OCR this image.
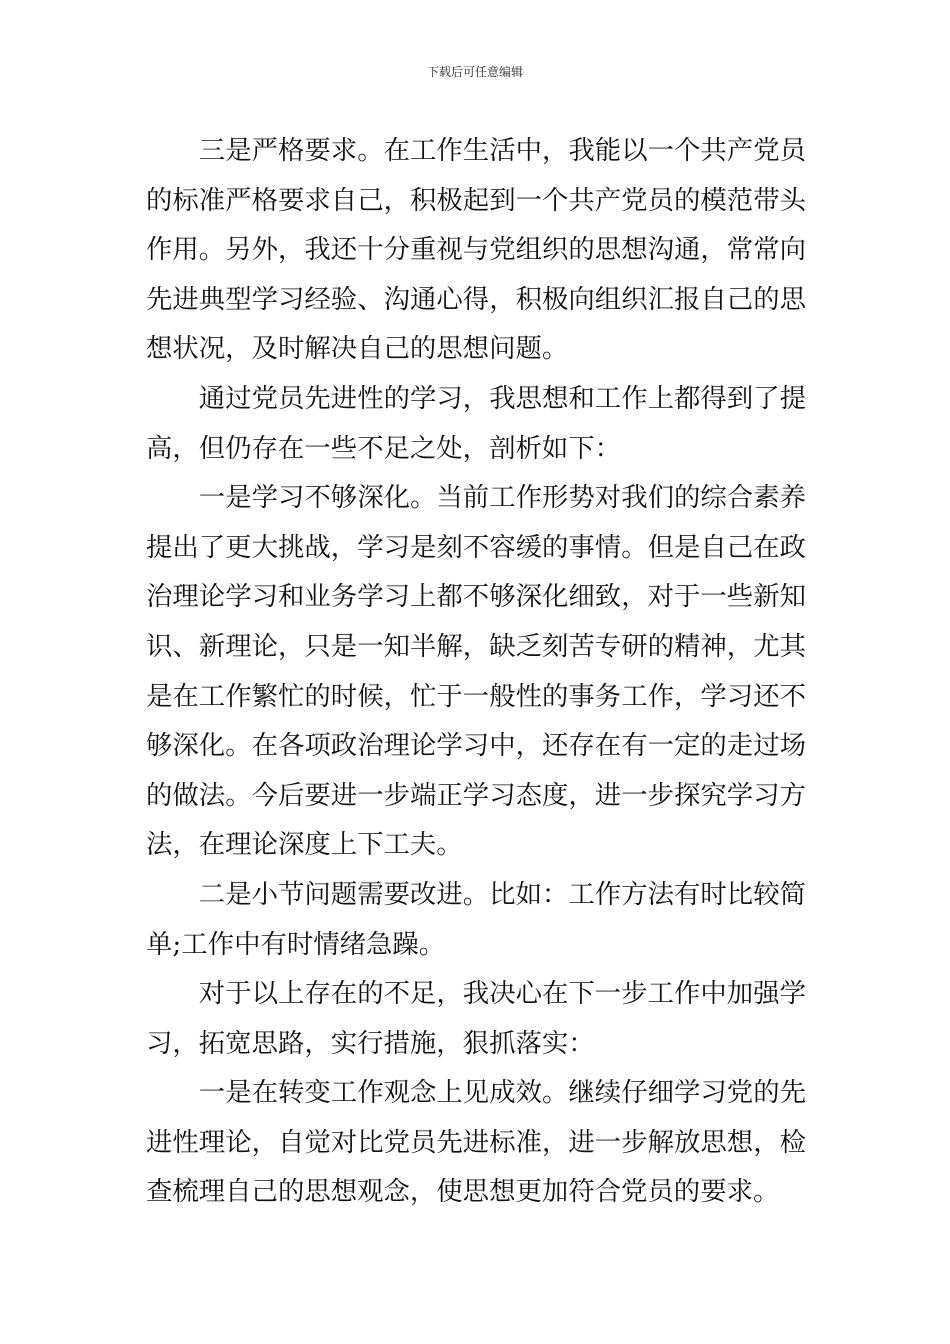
下载后可任意编辑

三是严格要求。在工作生活中，我能以一个共产党员的标准严格要求自己，积极起到一个共产党员的模范带头作用。另外，我还十分重视与党组织的思想沟通，常常向先进典型学习经验、沟通心得，积极向组织汇报自己的思想状况，及时解决自己的思想问题。

通过党员先进性的学习，我思想和工作上都得到了提高，但仍存在一些不足之处，剖析如下：

一是学习不够深化。当前工作形势对我们的综合素养提出了更大挑战，学习是刻不容缓的事情。但是自己在政治理论学习和业务学习上都不够深化细致，对于一些新知识、新理论，只是一知半解，缺乏刻苦专研的精神，尤其是在工作繁忙的时候，忙于一般性的事务工作，学习还不够深化。在各项政治理论学习中，还存在有一定的走过场的做法。今后要进一步端正学习态度，进一步探究学习方法，在理论深度上下工夫。

二是小节问题需要改进。比如：工作方法有时比较简单;工作中有时情绪急躁。

对于以上存在的不足，我决心在下一步工作中加强学习，拓宽思路，实行措施，狠抓落实：

一是在转变工作观念上见成效。继续仔细学习党的先进性理论，自觉对比党员先进标准，进一步解放思想，检查梳理自己的思想观念，使思想更加符合党员的要求。
